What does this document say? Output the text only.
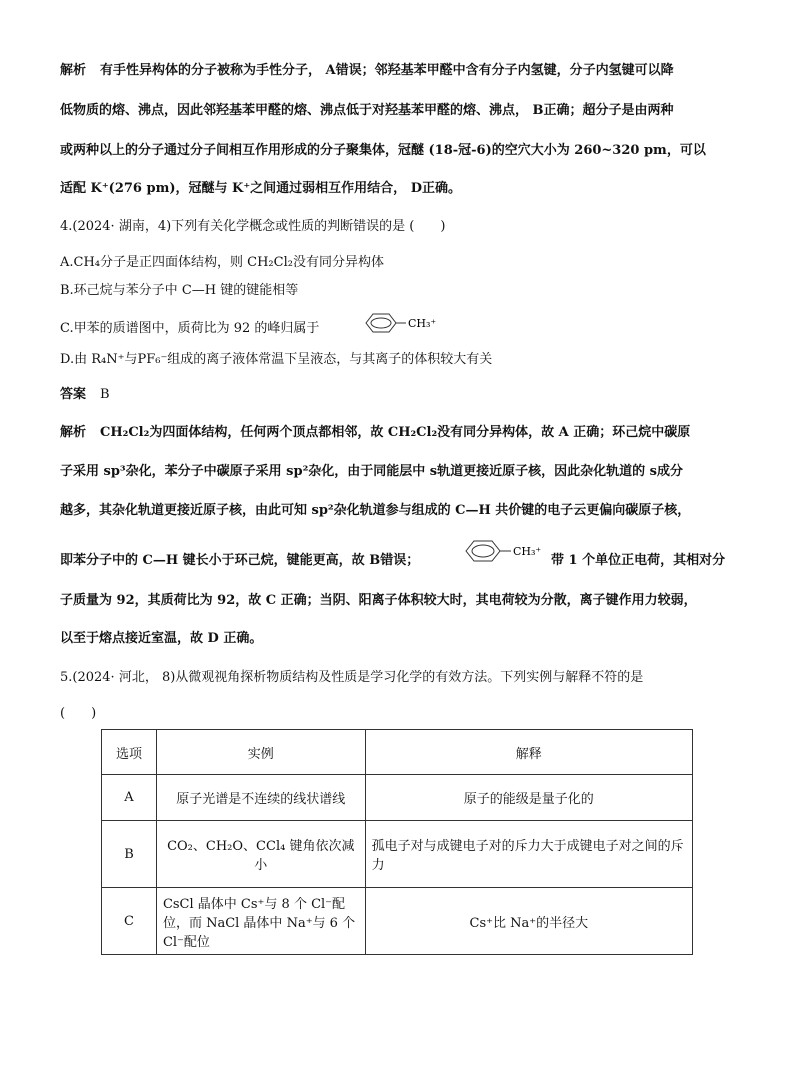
解析 有手性异构体的分子被称为手性分子， A错误；邻羟基苯甲醛中含有分子内氢键，分子内氢键可以降
低物质的熔、沸点，因此邻羟基苯甲醛的熔、沸点低于对羟基苯甲醛的熔、沸点， B正确；超分子是由两种
或两种以上的分子通过分子间相互作用形成的分子聚集体，冠醚 (18-冠-6)的空穴大小为 260~320 pm，可以
适配 K⁺(276 pm)，冠醚与 K⁺之间通过弱相互作用结合， D正确。
4.(2024· 湖南，4)下列有关化学概念或性质的判断错误的是 (　　)
A.CH₄分子是正四面体结构，则 CH₂Cl₂没有同分异构体
B.环己烷与苯分子中 C—H 键的键能相等
C.甲苯的质谱图中，质荷比为 92 的峰归属于	CH₃⁺
D.由 R₄N⁺与PF₆⁻组成的离子液体常温下呈液态，与其离子的体积较大有关
答案 B
解析 CH₂Cl₂为四面体结构，任何两个顶点都相邻，故 CH₂Cl₂没有同分异构体，故 A 正确；环己烷中碳原
子采用 sp³杂化，苯分子中碳原子采用 sp²杂化，由于同能层中 s轨道更接近原子核，因此杂化轨道的 s成分
越多，其杂化轨道更接近原子核，由此可知 sp²杂化轨道参与组成的 C—H 共价键的电子云更偏向碳原子核，
即苯分子中的 C—H 键长小于环己烷，键能更高，故 B错误；
CH₃⁺
带 1 个单位正电荷，其相对分
子质量为 92，其质荷比为 92，故 C 正确；当阴、阳离子体积较大时，其电荷较为分散，离子键作用力较弱，
以至于熔点接近室温，故 D 正确。
5.(2024· 河北， 8)从微观视角探析物质结构及性质是学习化学的有效方法。下列实例与解释不符的是
(　　)
选项	实例	解释
A	原子光谱是不连续的线状谱线	原子的能级是量子化的
B	CO₂、CH₂O、CCl₄ 键角依次减小	孤电子对与成键电子对的斥力大于成键电子对之间的斥力
C	CsCl 晶体中 Cs⁺与 8 个 Cl⁻配位，而 NaCl 晶体中 Na⁺与 6 个 Cl⁻配位	Cs⁺比 Na⁺的半径大
